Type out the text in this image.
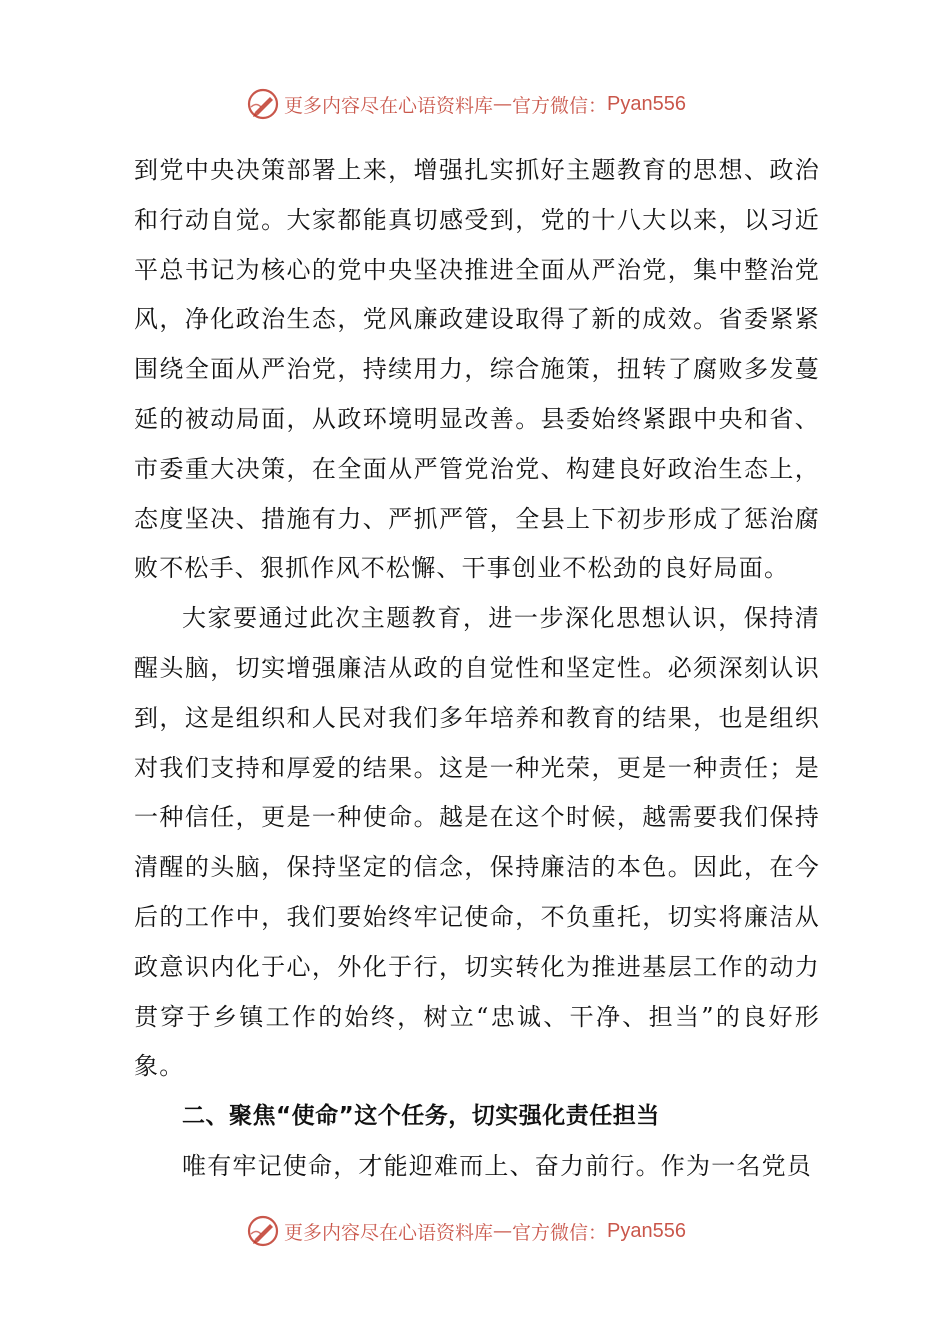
更多内容尽在心语资料库 — 官方微信： Pyan556

到党中央决策部署上来，增强扎实抓好主题教育的思想、政治和行动自觉。大家都能真切感受到，党的十八大以来，以习近平总书记为核心的党中央坚决推进全面从严治党，集中整治党风，净化政治生态，党风廉政建设取得了新的成效。省委紧紧围绕全面从严治党，持续用力，综合施策，扭转了腐败多发蔓延的被动局面，从政环境明显改善。县委始终紧跟中央和省、市委重大决策，在全面从严管党治党、构建良好政治生态上，态度坚决、措施有力、严抓严管，全县上下初步形成了惩治腐败不松手、狠抓作风不松懈、干事创业不松劲的良好局面。

大家要通过此次主题教育，进一步深化思想认识，保持清醒头脑，切实增强廉洁从政的自觉性和坚定性。必须深刻认识到，这是组织和人民对我们多年培养和教育的结果，也是组织对我们支持和厚爱的结果。这是一种光荣，更是一种责任；是一种信任，更是一种使命。越是在这个时候，越需要我们保持清醒的头脑，保持坚定的信念，保持廉洁的本色。因此，在今后的工作中，我们要始终牢记使命，不负重托，切实将廉洁从政意识内化于心，外化于行，切实转化为推进基层工作的动力贯穿于乡镇工作的始终，树立“忠诚、干净、担当”的良好形象。

二、聚焦“使命”这个任务，切实强化责任担当

唯有牢记使命，才能迎难而上、奋力前行。作为一名党员

更多内容尽在心语资料库 — 官方微信： Pyan556
